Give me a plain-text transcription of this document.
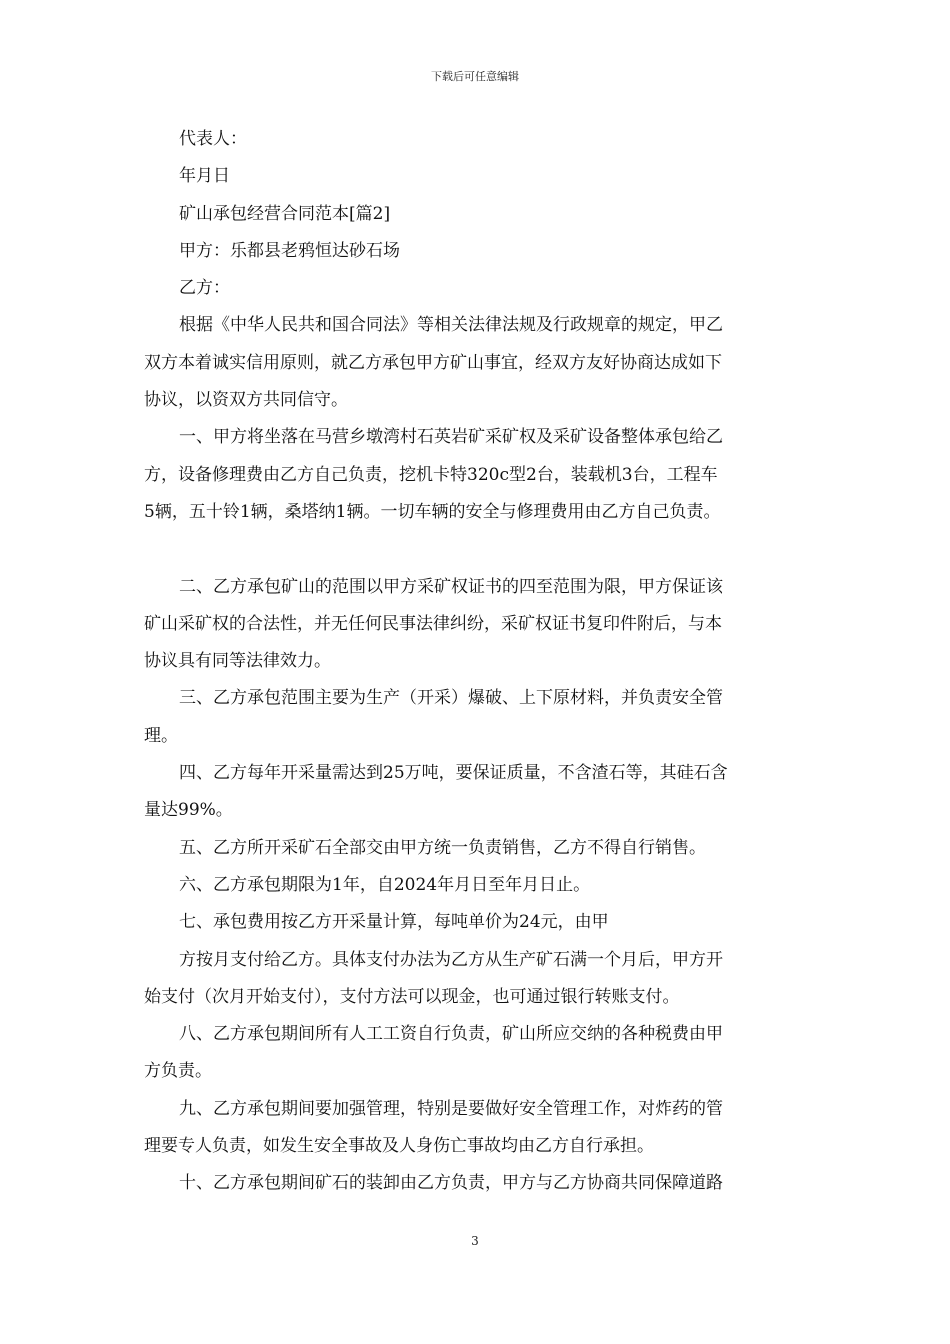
下载后可任意编辑
代表人：
年月日
矿山承包经营合同范本[篇2]
甲方：乐都县老鸦恒达砂石场
乙方：
根据《中华人民共和国合同法》等相关法律法规及行政规章的规定，甲乙
双方本着诚实信用原则，就乙方承包甲方矿山事宜，经双方友好协商达成如下
协议，以资双方共同信守。
一、甲方将坐落在马营乡墩湾村石英岩矿采矿权及采矿设备整体承包给乙
方，设备修理费由乙方自己负责，挖机卡特320c型2台，装载机3台，工程车
5辆，五十铃1辆，桑塔纳1辆。一切车辆的安全与修理费用由乙方自己负责。
二、乙方承包矿山的范围以甲方采矿权证书的四至范围为限，甲方保证该
矿山采矿权的合法性，并无任何民事法律纠纷，采矿权证书复印件附后，与本
协议具有同等法律效力。
三、乙方承包范围主要为生产（开采）爆破、上下原材料，并负责安全管
理。
四、乙方每年开采量需达到25万吨，要保证质量，不含渣石等，其硅石含
量达99%。
五、乙方所开采矿石全部交由甲方统一负责销售，乙方不得自行销售。
六、乙方承包期限为1年，自2024年月日至年月日止。
七、承包费用按乙方开采量计算，每吨单价为24元，由甲
方按月支付给乙方。具体支付办法为乙方从生产矿石满一个月后，甲方开
始支付（次月开始支付），支付方法可以现金，也可通过银行转账支付。
八、乙方承包期间所有人工工资自行负责，矿山所应交纳的各种税费由甲
方负责。
九、乙方承包期间要加强管理，特别是要做好安全管理工作，对炸药的管
理要专人负责，如发生安全事故及人身伤亡事故均由乙方自行承担。
十、乙方承包期间矿石的装卸由乙方负责，甲方与乙方协商共同保障道路
3
